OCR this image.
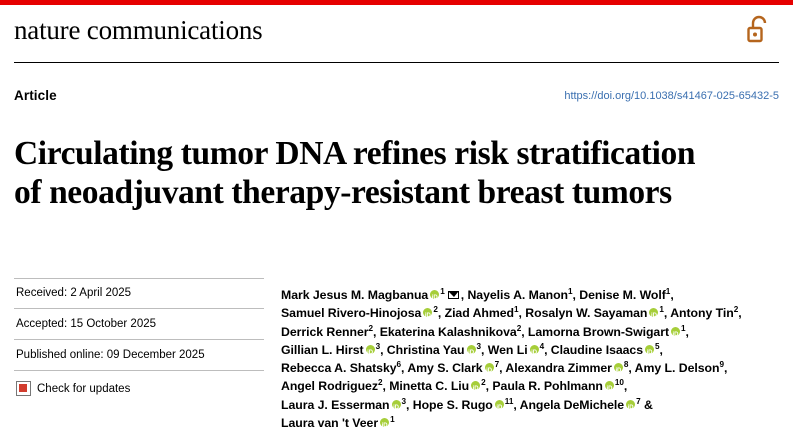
nature communications
Article	https://doi.org/10.1038/s41467-025-65432-5
Circulating tumor DNA refines risk stratification of neoadjuvant therapy-resistant breast tumors
Received: 2 April 2025
Accepted: 15 October 2025
Published online: 09 December 2025
Check for updates
Mark Jesus M. Magbanua iD $^1$ , Nayelis A. Manon$^1$, Denise M. Wolf$^1$,
Samuel Rivero-Hinojosa iD $^2$, Ziad Ahmed$^1$, Rosalyn W. Sayaman iD $^1$, Antony Tin$^2$,
Derrick Renner$^2$, Ekaterina Kalashnikova$^2$, Lamorna Brown-Swigart iD $^1$,
Gillian L. Hirst iD $^3$, Christina Yau iD $^3$, Wen Li iD $^4$, Claudine Isaacs iD $^5$,
Rebecca A. Shatsky$^6$, Amy S. Clark iD $^7$, Alexandra Zimmer iD $^8$, Amy L. Delson$^9$,
Angel Rodriguez$^2$, Minetta C. Liu iD $^2$, Paula R. Pohlmann iD $^{10}$,
Laura J. Esserman iD $^3$, Hope S. Rugo iD $^{11}$, Angela DeMichele iD $^7$ &
Laura van 't Veer iD $^1$
